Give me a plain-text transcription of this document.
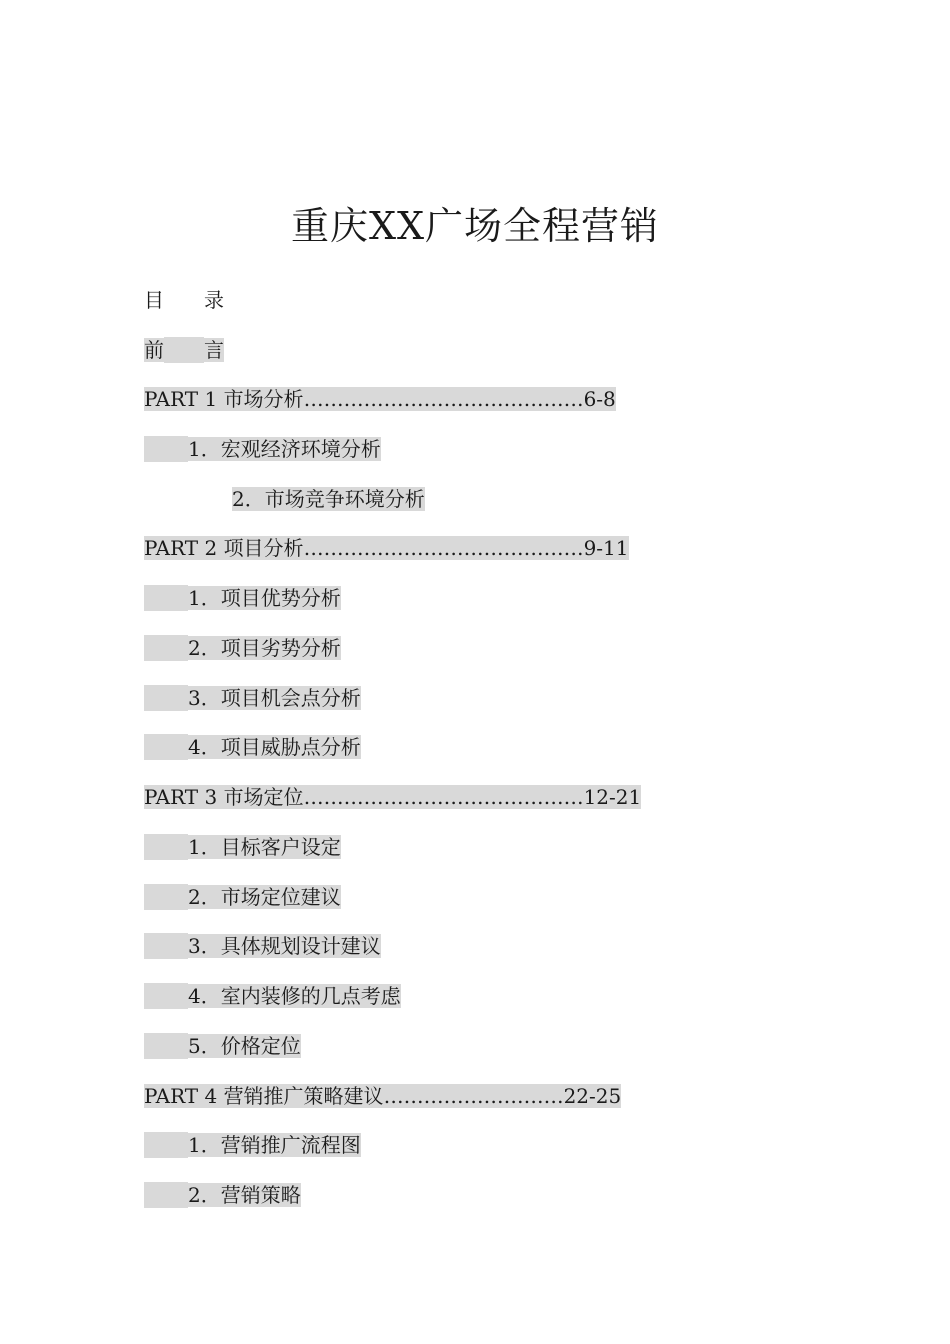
重庆XX广场全程营销
目 录
前 言
PART 1 市场分析……………………………………6-8
1．宏观经济环境分析
2．市场竞争环境分析
PART 2 项目分析……………………………………9-11
1．项目优势分析
2．项目劣势分析
3．项目机会点分析
4．项目威胁点分析
PART 3 市场定位……………………………………12-21
1．目标客户设定
2．市场定位建议
3．具体规划设计建议
4．室内装修的几点考虑
5．价格定位
PART 4 营销推广策略建议………………………22-25
1．营销推广流程图
2．营销策略
